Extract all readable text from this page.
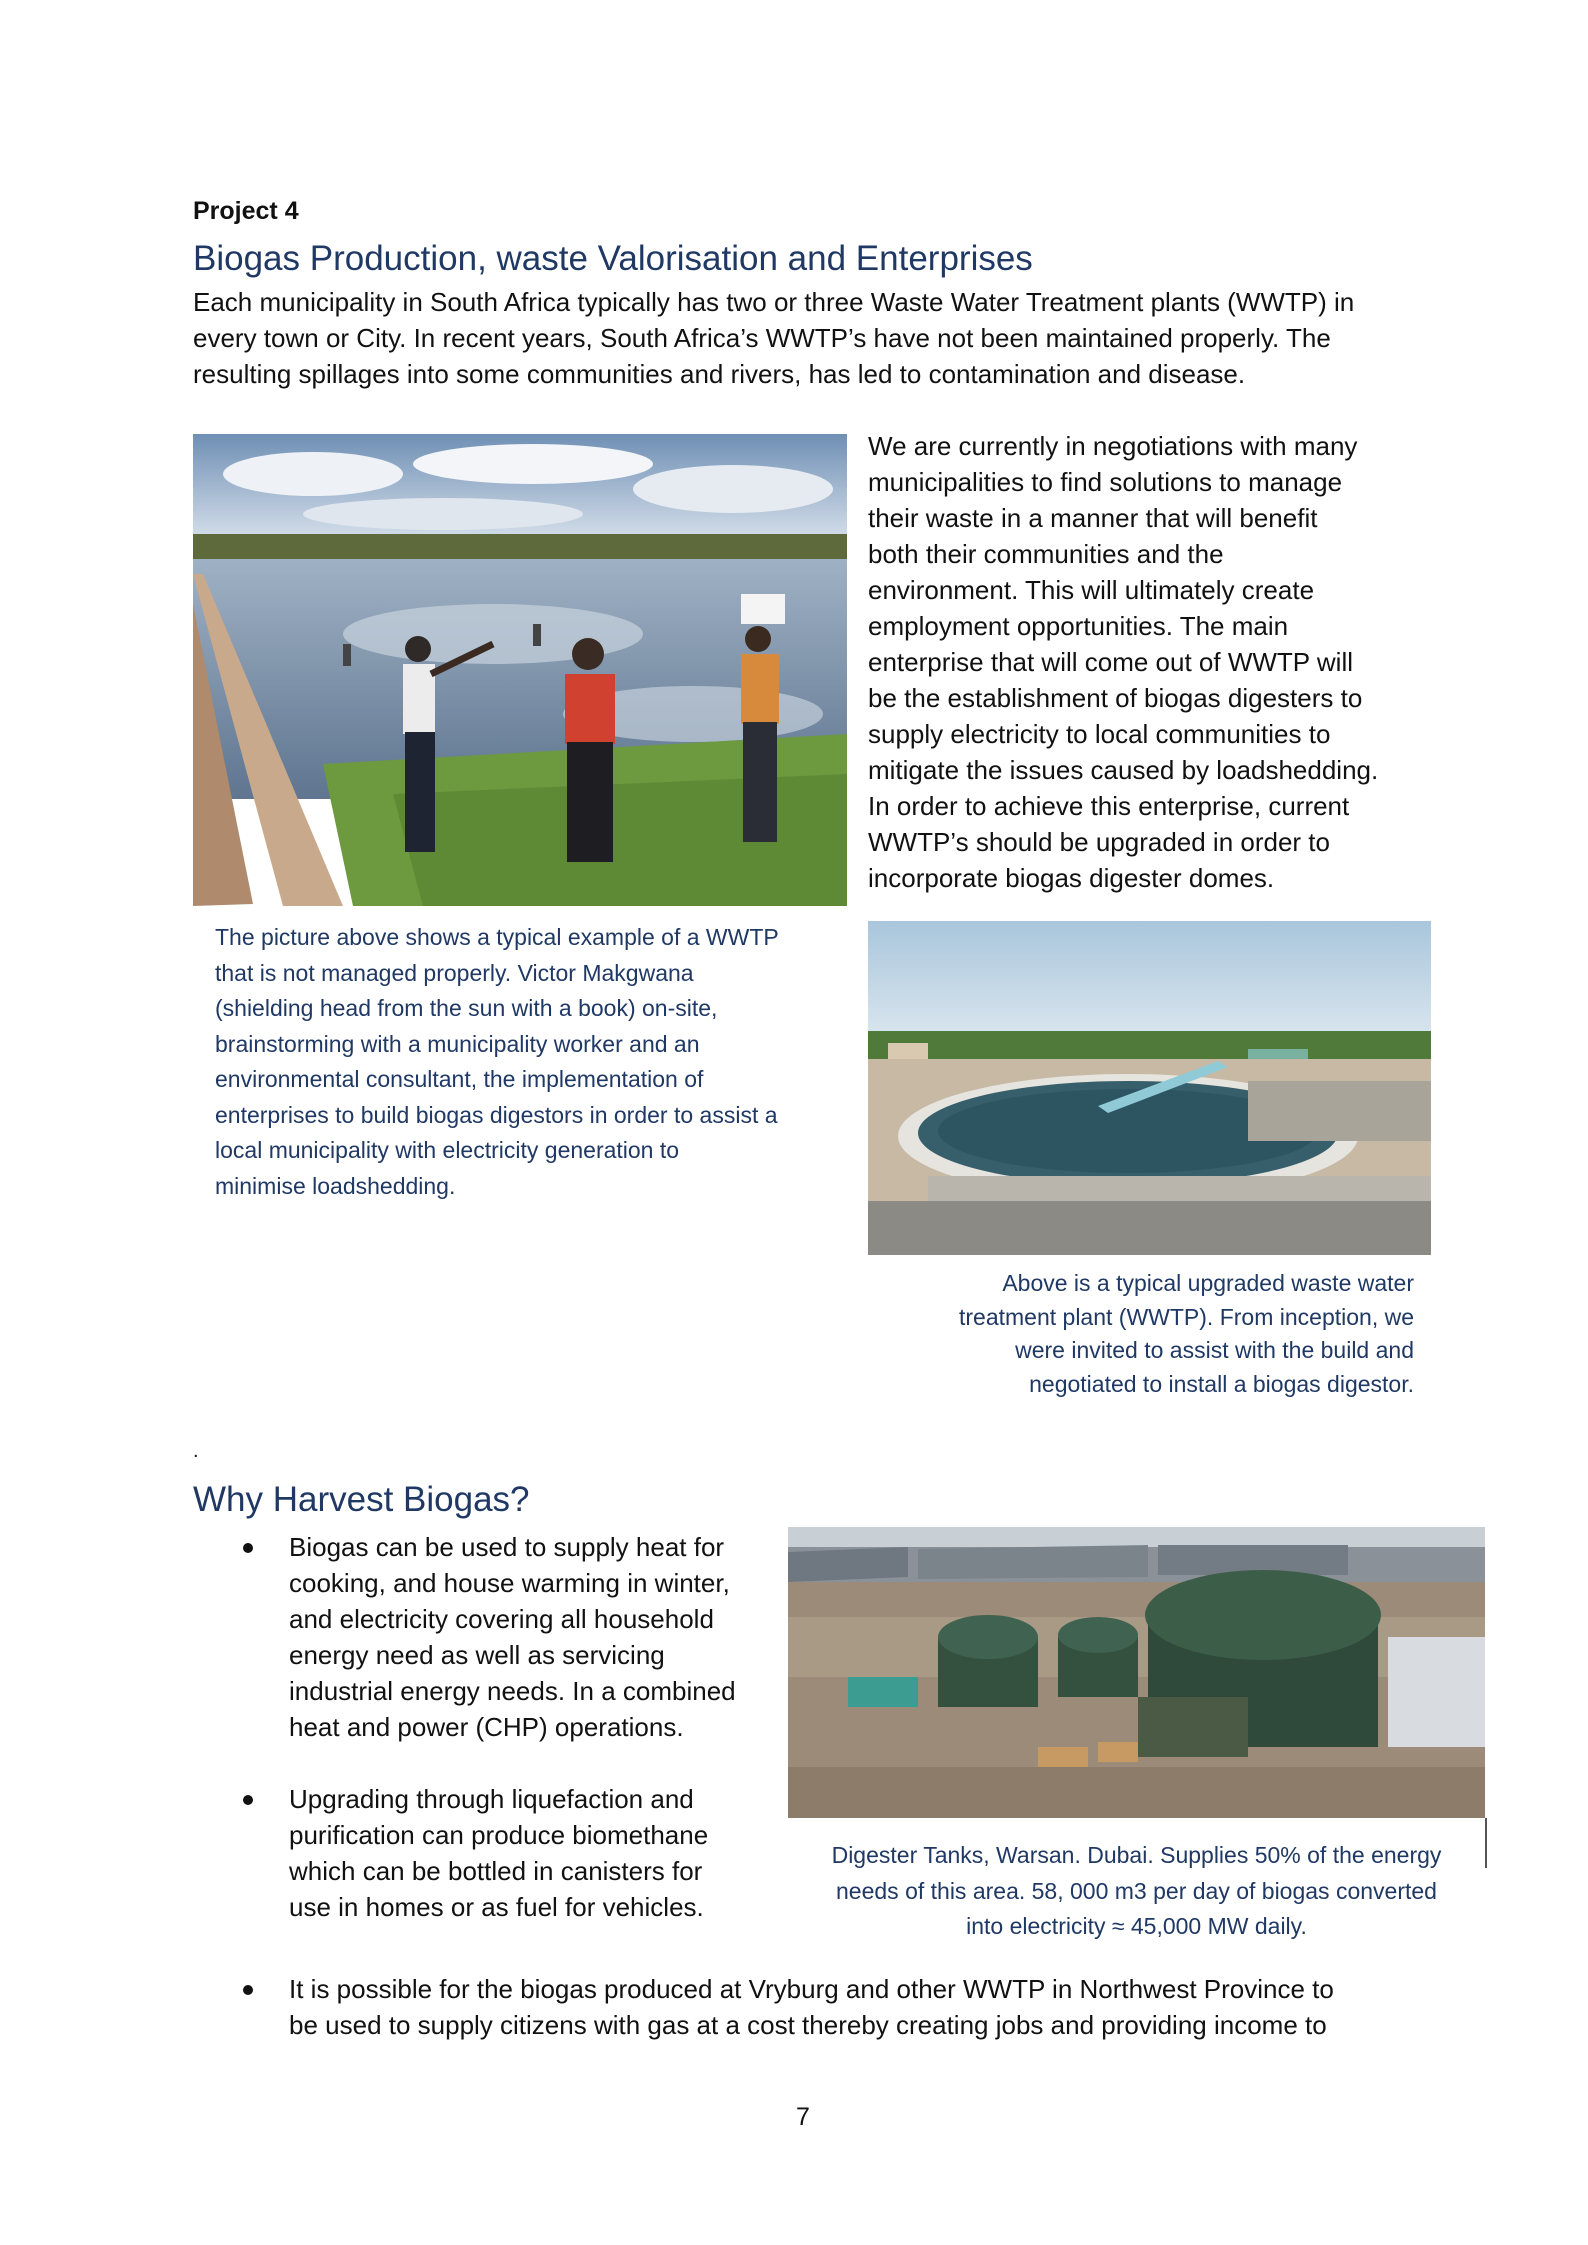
Project 4
Biogas Production, waste Valorisation and Enterprises
Each municipality in South Africa typically has two or three Waste Water Treatment plants (WWTP) in
every town or City. In recent years, South Africa’s WWTP’s have not been maintained properly. The
resulting spillages into some communities and rivers, has led to contamination and disease.
We are currently in negotiations with many
municipalities to find solutions to manage
their waste in a manner that will benefit
both their communities and the
environment. This will ultimately create
employment opportunities. The main
enterprise that will come out of WWTP will
be the establishment of biogas digesters to
supply electricity to local communities to
mitigate the issues caused by loadshedding.
In order to achieve this enterprise, current
WWTP’s should be upgraded in order to
incorporate biogas digester domes.
The picture above shows a typical example of a WWTP
that is not managed properly. Victor Makgwana
(shielding head from the sun with a book) on-site,
brainstorming with a municipality worker and an
environmental consultant, the implementation of
enterprises to build biogas digestors in order to assist a
local municipality with electricity generation to
minimise loadshedding.
Above is a typical upgraded waste water
treatment plant (WWTP). From inception, we
were invited to assist with the build and
negotiated to install a biogas digestor.
.
Why Harvest Biogas?
Biogas can be used to supply heat for
cooking, and house warming in winter,
and electricity covering all household
energy need as well as servicing
industrial energy needs. In a combined
heat and power (CHP) operations.
Upgrading through liquefaction and
purification can produce biomethane
which can be bottled in canisters for
use in homes or as fuel for vehicles.
Digester Tanks, Warsan. Dubai. Supplies 50% of the energy
needs of this area. 58, 000 m3 per day of biogas converted
into electricity ≈ 45,000 MW daily.
It is possible for the biogas produced at Vryburg and other WWTP in Northwest Province to
be used to supply citizens with gas at a cost thereby creating jobs and providing income to
7
